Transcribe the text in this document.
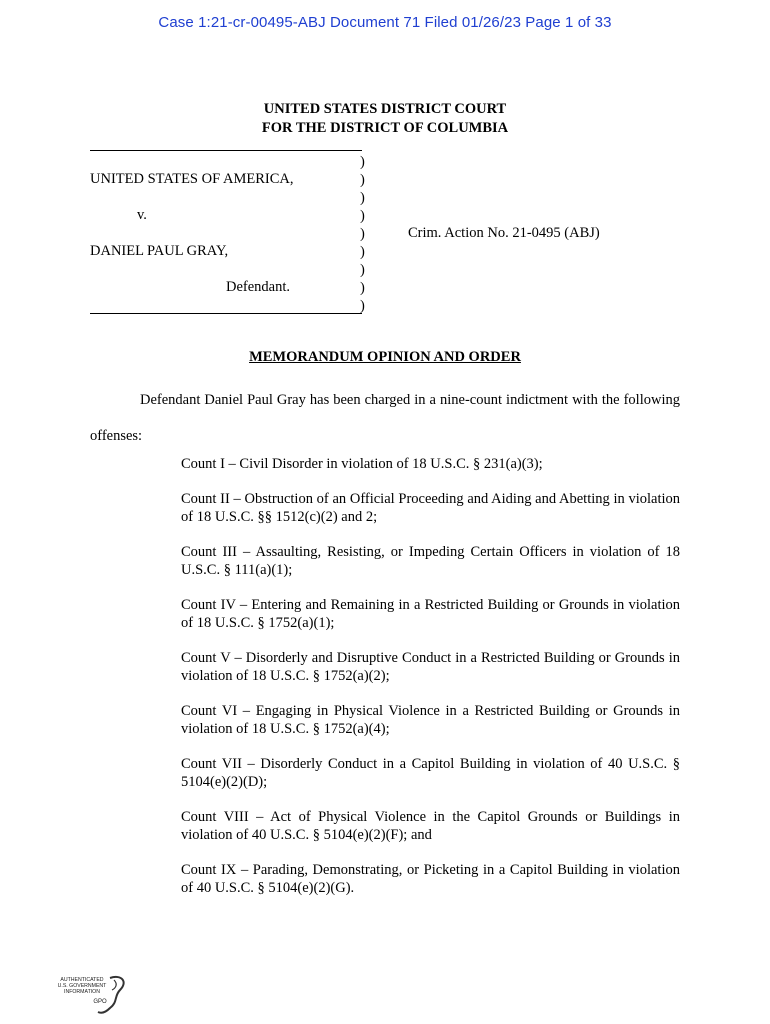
Case 1:21-cr-00495-ABJ Document 71 Filed 01/26/23 Page 1 of 33
UNITED STATES DISTRICT COURT
FOR THE DISTRICT OF COLUMBIA
UNITED STATES OF AMERICA,
v.
DANIEL PAUL GRAY,
Defendant.
Crim. Action No. 21-0495 (ABJ)
)
)
)
)
)
)
)
)
)
MEMORANDUM OPINION AND ORDER
Defendant Daniel Paul Gray has been charged in a nine-count indictment with the following offenses:

Count I – Civil Disorder in violation of 18 U.S.C. § 231(a)(3);

Count II – Obstruction of an Official Proceeding and Aiding and Abetting in violation of 18 U.S.C. §§ 1512(c)(2) and 2;

Count III – Assaulting, Resisting, or Impeding Certain Officers in violation of 18 U.S.C. § 111(a)(1);

Count IV – Entering and Remaining in a Restricted Building or Grounds in violation of 18 U.S.C. § 1752(a)(1);

Count V – Disorderly and Disruptive Conduct in a Restricted Building or Grounds in violation of 18 U.S.C. § 1752(a)(2);

Count VI – Engaging in Physical Violence in a Restricted Building or Grounds in violation of 18 U.S.C. § 1752(a)(4);

Count VII – Disorderly Conduct in a Capitol Building in violation of 40 U.S.C. § 5104(e)(2)(D);

Count VIII – Act of Physical Violence in the Capitol Grounds or Buildings in violation of 40 U.S.C. § 5104(e)(2)(F); and

Count IX – Parading, Demonstrating, or Picketing in a Capitol Building in violation of 40 U.S.C. § 5104(e)(2)(G).

AUTHENTICATED
U.S. GOVERNMENT
INFORMATION
GPO
